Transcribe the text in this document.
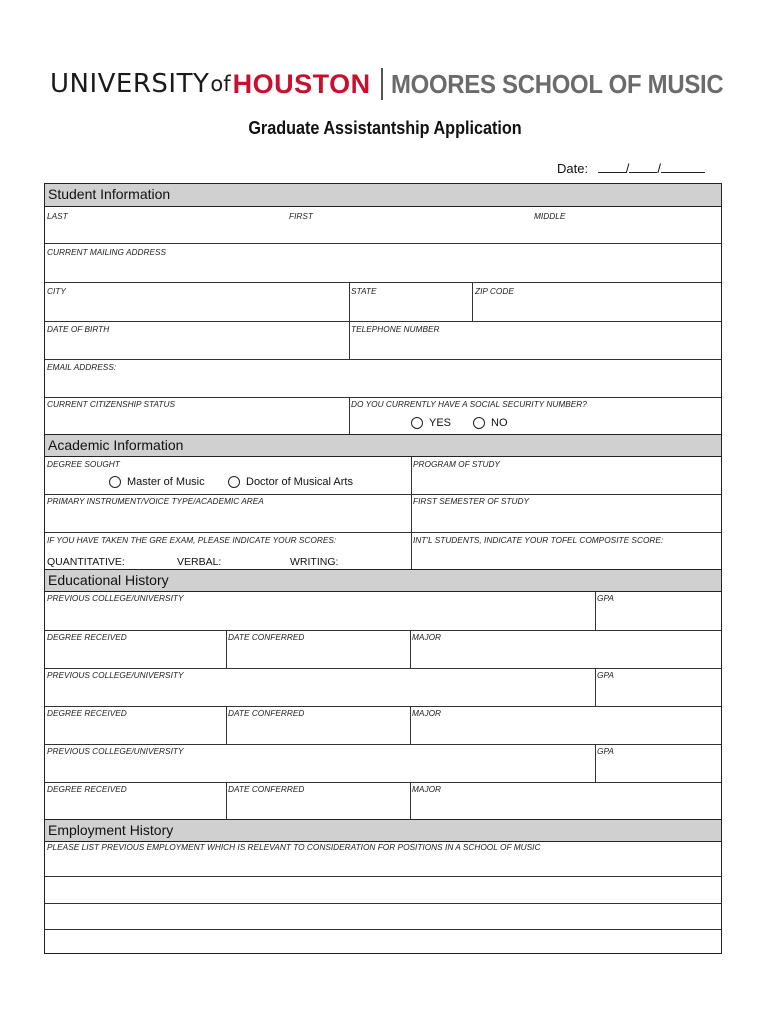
UNIVERSITY of HOUSTON MOORES SCHOOL OF MUSIC
Graduate Assistantship Application
Date:	/ /
Student Information
LAST	FIRST	MIDDLE
CURRENT MAILING ADDRESS
CITY	STATE	ZIP CODE
DATE OF BIRTH	TELEPHONE NUMBER
EMAIL ADDRESS:
CURRENT CITIZENSHIP STATUS	DO YOU CURRENTLY HAVE A SOCIAL SECURITY NUMBER?
YES	NO
Academic Information
DEGREE SOUGHT	PROGRAM OF STUDY
Master of Music	Doctor of Musical Arts
PRIMARY INSTRUMENT/VOICE TYPE/ACADEMIC AREA	FIRST SEMESTER OF STUDY
IF YOU HAVE TAKEN THE GRE EXAM, PLEASE INDICATE YOUR SCORES:	INT'L STUDENTS, INDICATE YOUR TOFEL COMPOSITE SCORE:
QUANTITATIVE:	VERBAL:	WRITING:
Educational History
PREVIOUS COLLEGE/UNIVERSITY	GPA
DEGREE RECEIVED	DATE CONFERRED	MAJOR
PREVIOUS COLLEGE/UNIVERSITY	GPA
DEGREE RECEIVED	DATE CONFERRED	MAJOR
PREVIOUS COLLEGE/UNIVERSITY	GPA
DEGREE RECEIVED	DATE CONFERRED	MAJOR
Employment History
PLEASE LIST PREVIOUS EMPLOYMENT WHICH IS RELEVANT TO CONSIDERATION FOR POSITIONS IN A SCHOOL OF MUSIC
